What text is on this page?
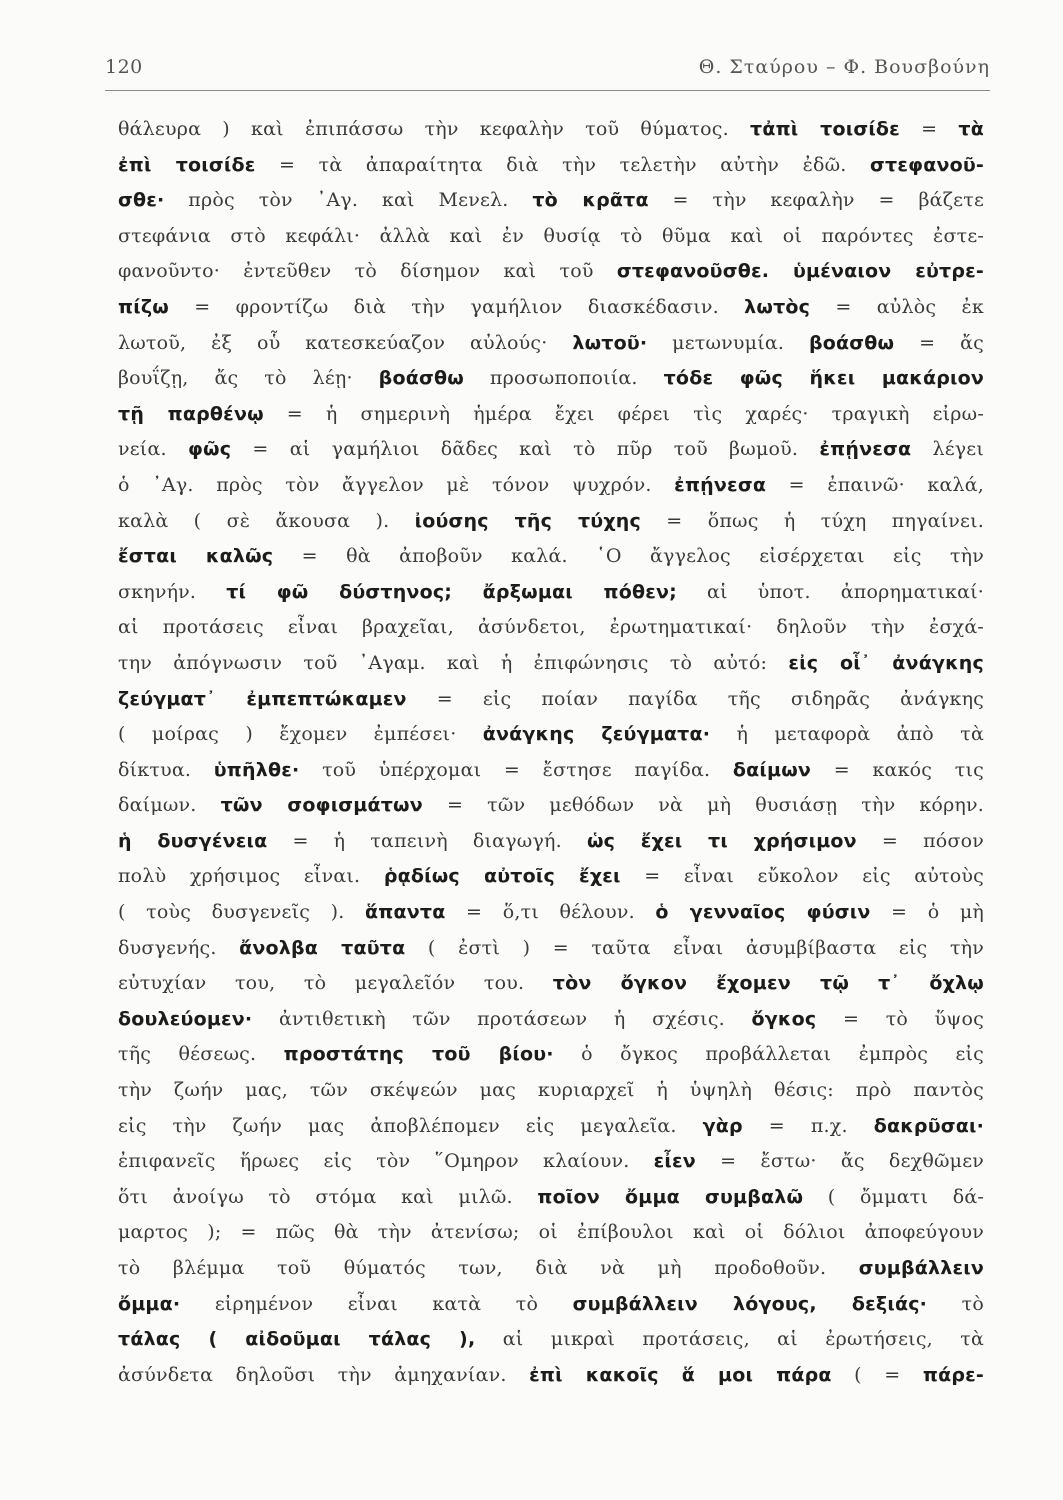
120	Θ. Σταύρου – Φ. Βουσβούνη
θάλευρα ) καὶ ἐπιπάσσω τὴν κεφαλὴν τοῦ θύματος. τἀπὶ τοισίδε = τὰ
ἐπὶ τοισίδε = τὰ ἀπαραίτητα διὰ τὴν τελετὴν αὐτὴν ἐδῶ. στεφανοῦ-
σθε· πρὸς τὸν ᾿Αγ. καὶ Μενελ. τὸ κρᾶτα = τὴν κεφαλὴν = βάζετε
στεφάνια στὸ κεφάλι· ἀλλὰ καὶ ἐν θυσίᾳ τὸ θῦμα καὶ οἱ παρόντες ἐστε-
φανοῦντο· ἐντεῦθεν τὸ δίσημον καὶ τοῦ στεφανοῦσθε. ὑμέναιον εὐτρε-
πίζω = φροντίζω διὰ τὴν γαμήλιον διασκέδασιν. λωτὸς = αὐλὸς ἐκ
λωτοῦ, ἐξ οὗ κατεσκεύαζον αὐλούς· λωτοῦ· μετωνυμία. βοάσθω = ἄς
βουΐζῃ, ἄς τὸ λέῃ· βοάσθω προσωποποιία. τόδε φῶς ἥκει μακάριον
τῇ παρθένῳ = ἡ σημερινὴ ἡμέρα ἔχει φέρει τὶς χαρές· τραγικὴ εἰρω-
νεία. φῶς = αἱ γαμήλιοι δᾶδες καὶ τὸ πῦρ τοῦ βωμοῦ. ἐπῄνεσα λέγει
ὁ ᾿Αγ. πρὸς τὸν ἄγγελον μὲ τόνον ψυχρόν. ἐπῄνεσα = ἐπαινῶ· καλά,
καλὰ ( σὲ ἄκουσα ). ἰούσης τῆς τύχης = ὅπως ἡ τύχη πηγαίνει.
ἔσται καλῶς = θὰ ἀποβοῦν καλά. ῾Ο ἄγγελος εἰσέρχεται εἰς τὴν
σκηνήν. τί φῶ δύστηνος; ἄρξωμαι πόθεν; αἱ ὑποτ. ἀπορηματικαί·
αἱ προτάσεις εἶναι βραχεῖαι, ἀσύνδετοι, ἐρωτηματικαί· δηλοῦν τὴν ἐσχά-
την ἀπόγνωσιν τοῦ ᾿Αγαμ. καὶ ἡ ἐπιφώνησις τὸ αὐτό: εἰς οἷ᾿ ἀνάγκης
ζεύγματ᾿ ἐμπεπτώκαμεν = εἰς ποίαν παγίδα τῆς σιδηρᾶς ἀνάγκης
( μοίρας ) ἔχομεν ἐμπέσει· ἀνάγκης ζεύγματα· ἡ μεταφορὰ ἀπὸ τὰ
δίκτυα. ὑπῆλθε· τοῦ ὑπέρχομαι = ἔστησε παγίδα. δαίμων = κακός τις
δαίμων. τῶν σοφισμάτων = τῶν μεθόδων νὰ μὴ θυσιάσῃ τὴν κόρην.
ἡ δυσγένεια = ἡ ταπεινὴ διαγωγή. ὡς ἔχει τι χρήσιμον = πόσον
πολὺ χρήσιμος εἶναι. ῥᾳδίως αὐτοῖς ἔχει = εἶναι εὔκολον εἰς αὐτοὺς
( τοὺς δυσγενεῖς ). ἅπαντα = ὅ,τι θέλουν. ὁ γενναῖος φύσιν = ὁ μὴ
δυσγενής. ἄνολβα ταῦτα ( ἐστὶ ) = ταῦτα εἶναι ἀσυμβίβαστα εἰς τὴν
εὐτυχίαν του, τὸ μεγαλεῖόν του. τὸν ὄγκον ἔχομεν τῷ τ᾿ ὄχλῳ
δουλεύομεν· ἀντιθετικὴ τῶν προτάσεων ἡ σχέσις. ὄγκος = τὸ ὕψος
τῆς θέσεως. προστάτης τοῦ βίου· ὁ ὄγκος προβάλλεται ἐμπρὸς εἰς
τὴν ζωήν μας, τῶν σκέψεών μας κυριαρχεῖ ἡ ὑψηλὴ θέσις: πρὸ παντὸς
εἰς τὴν ζωήν μας ἀποβλέπομεν εἰς μεγαλεῖα. γὰρ = π.χ. δακρῦσαι·
ἐπιφανεῖς ἥρωες εἰς τὸν ῞Ομηρον κλαίουν. εἶεν = ἔστω· ἄς δεχθῶμεν
ὅτι ἀνοίγω τὸ στόμα καὶ μιλῶ. ποῖον ὄμμα συμβαλῶ ( ὄμματι δά-
μαρτος ); = πῶς θὰ τὴν ἀτενίσω; οἱ ἐπίβουλοι καὶ οἱ δόλιοι ἀποφεύγουν
τὸ βλέμμα τοῦ θύματός των, διὰ νὰ μὴ προδοθοῦν. συμβάλλειν
ὄμμα· εἰρημένον εἶναι κατὰ τὸ συμβάλλειν λόγους, δεξιάς· τὸ
τάλας ( αἰδοῦμαι τάλας ), αἱ μικραὶ προτάσεις, αἱ ἐρωτήσεις, τὰ
ἀσύνδετα δηλοῦσι τὴν ἀμηχανίαν. ἐπὶ κακοῖς ἅ μοι πάρα ( = πάρε-
